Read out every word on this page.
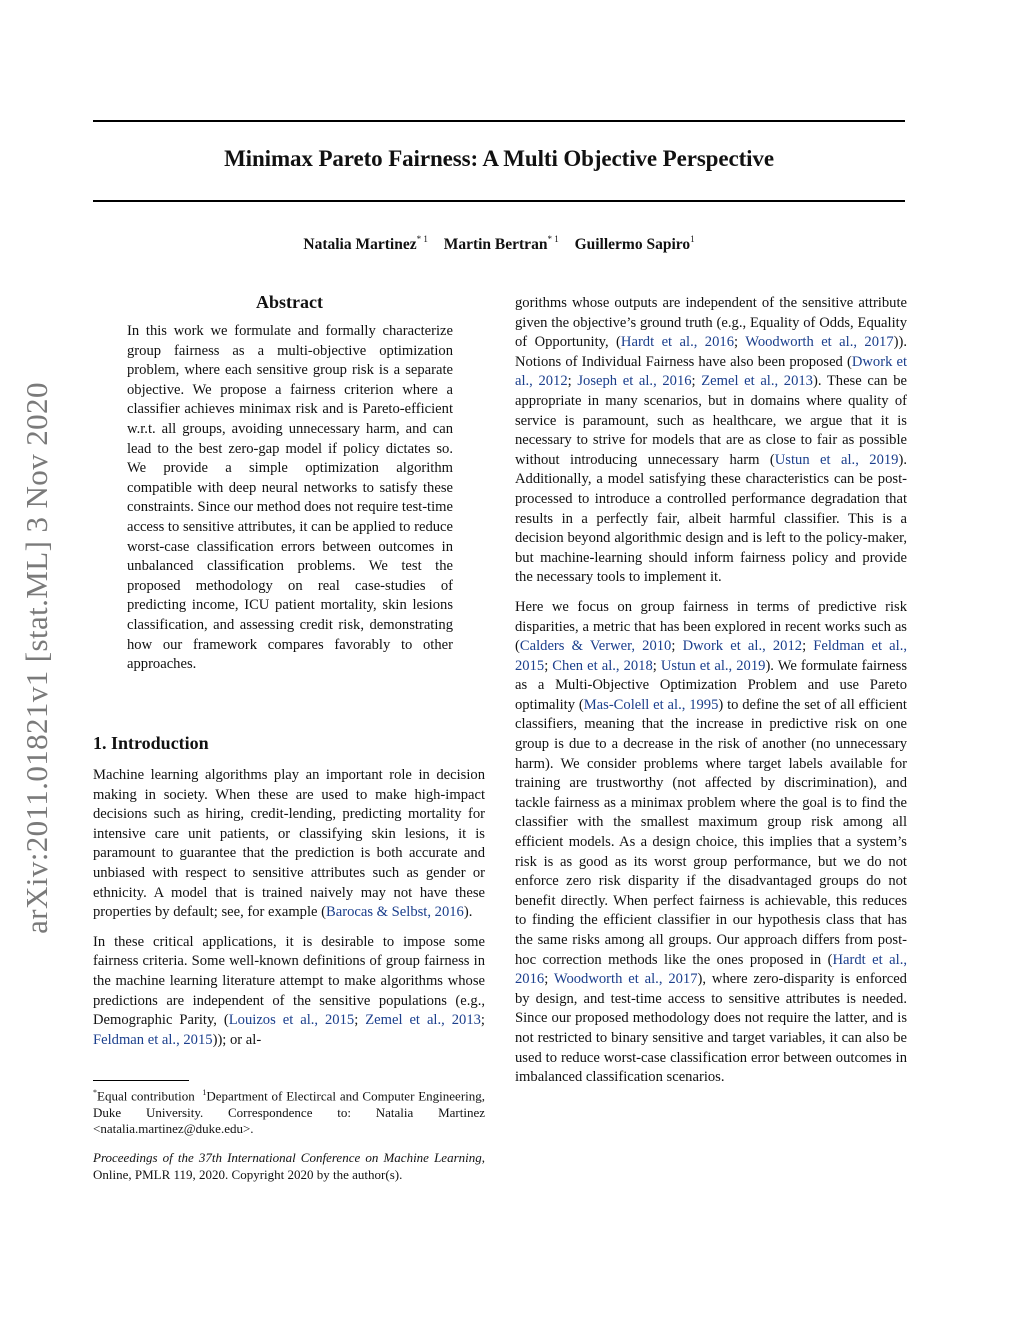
Minimax Pareto Fairness: A Multi Objective Perspective
Natalia Martinez$^{* 1}$ Martin Bertran$^{* 1}$ Guillermo Sapiro$^1$
arXiv:2011.01821v1 [stat.ML] 3 Nov 2020
Abstract

In this work we formulate and formally characterize group fairness as a multi-objective optimization problem, where each sensitive group risk is a separate objective. We propose a fairness criterion where a classifier achieves minimax risk and is Pareto-efficient w.r.t. all groups, avoiding unnecessary harm, and can lead to the best zero-gap model if policy dictates so. We provide a simple optimization algorithm compatible with deep neural networks to satisfy these constraints. Since our method does not require test-time access to sensitive attributes, it can be applied to reduce worst-case classification errors between outcomes in unbalanced classification problems. We test the proposed methodology on real case-studies of predicting income, ICU patient mortality, skin lesions classification, and assessing credit risk, demonstrating how our framework compares favorably to other approaches.

1. Introduction

Machine learning algorithms play an important role in decision making in society. When these are used to make high-impact decisions such as hiring, credit-lending, predicting mortality for intensive care unit patients, or classifying skin lesions, it is paramount to guarantee that the prediction is both accurate and unbiased with respect to sensitive attributes such as gender or ethnicity. A model that is trained naively may not have these properties by default; see, for example (Barocas & Selbst, 2016).

In these critical applications, it is desirable to impose some fairness criteria. Some well-known definitions of group fairness in the machine learning literature attempt to make algorithms whose predictions are independent of the sensitive populations (e.g., Demographic Parity, (Louizos et al., 2015; Zemel et al., 2013; Feldman et al., 2015)); or al-

*Equal contribution $^1$Department of Electircal and Computer Engineering, Duke University. Correspondence to: Natalia Martinez <natalia.martinez@duke.edu>.
Proceedings of the 37th International Conference on Machine Learning, Online, PMLR 119, 2020. Copyright 2020 by the author(s).

gorithms whose outputs are independent of the sensitive attribute given the objective’s ground truth (e.g., Equality of Odds, Equality of Opportunity, (Hardt et al., 2016; Woodworth et al., 2017)). Notions of Individual Fairness have also been proposed (Dwork et al., 2012; Joseph et al., 2016; Zemel et al., 2013). These can be appropriate in many scenarios, but in domains where quality of service is paramount, such as healthcare, we argue that it is necessary to strive for models that are as close to fair as possible without introducing unnecessary harm (Ustun et al., 2019). Additionally, a model satisfying these characteristics can be post-processed to introduce a controlled performance degradation that results in a perfectly fair, albeit harmful classifier. This is a decision beyond algorithmic design and is left to the policy-maker, but machine-learning should inform fairness policy and provide the necessary tools to implement it.

Here we focus on group fairness in terms of predictive risk disparities, a metric that has been explored in recent works such as (Calders & Verwer, 2010; Dwork et al., 2012; Feldman et al., 2015; Chen et al., 2018; Ustun et al., 2019). We formulate fairness as a Multi-Objective Optimization Problem and use Pareto optimality (Mas-Colell et al., 1995) to define the set of all efficient classifiers, meaning that the increase in predictive risk on one group is due to a decrease in the risk of another (no unnecessary harm). We consider problems where target labels available for training are trustworthy (not affected by discrimination), and tackle fairness as a minimax problem where the goal is to find the classifier with the smallest maximum group risk among all efficient models. As a design choice, this implies that a system’s risk is as good as its worst group performance, but we do not enforce zero risk disparity if the disadvantaged groups do not benefit directly. When perfect fairness is achievable, this reduces to finding the efficient classifier in our hypothesis class that has the same risks among all groups. Our approach differs from post-hoc correction methods like the ones proposed in (Hardt et al., 2016; Woodworth et al., 2017), where zero-disparity is enforced by design, and test-time access to sensitive attributes is needed. Since our proposed methodology does not require the latter, and is not restricted to binary sensitive and target variables, it can also be used to reduce worst-case classification error between outcomes in imbalanced classification scenarios.
